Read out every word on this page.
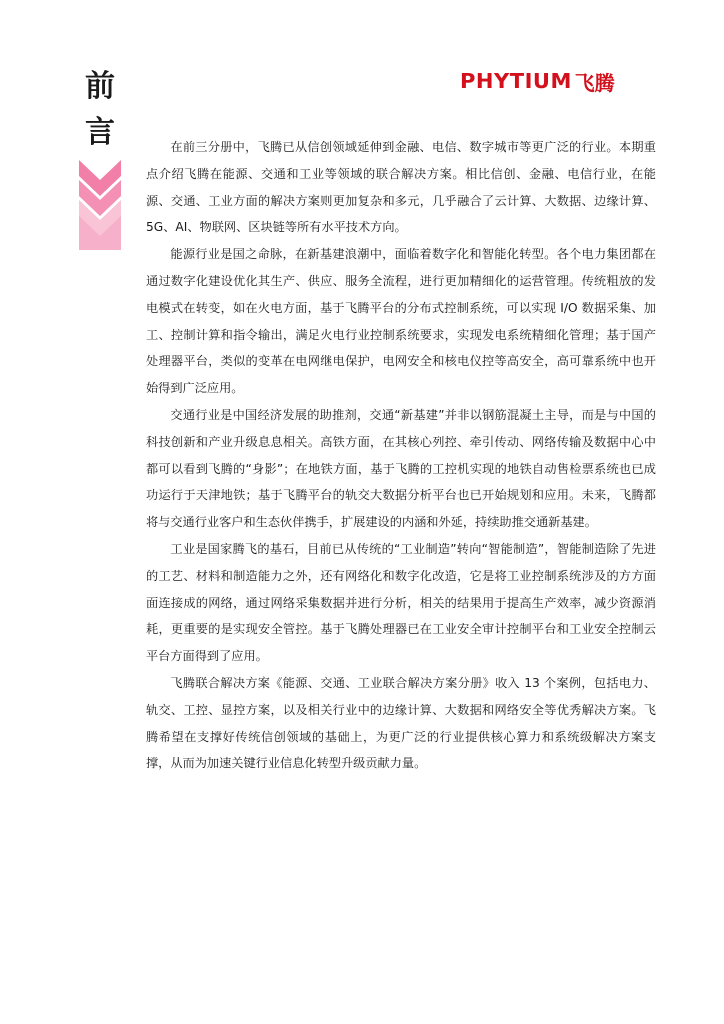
前
言
PHYTIUM 飞腾

在前三分册中，飞腾已从信创领域延伸到金融、电信、数字城市等更广泛的行业。本期重点介绍飞腾在能源、交通和工业等领域的联合解决方案。相比信创、金融、电信行业，在能源、交通、工业方面的解决方案则更加复杂和多元，几乎融合了云计算、大数据、边缘计算、5G、AI、物联网、区块链等所有水平技术方向。

能源行业是国之命脉，在新基建浪潮中，面临着数字化和智能化转型。各个电力集团都在通过数字化建设优化其生产、供应、服务全流程，进行更加精细化的运营管理。传统粗放的发电模式在转变，如在火电方面，基于飞腾平台的分布式控制系统，可以实现 I/O 数据采集、加工、控制计算和指令输出，满足火电行业控制系统要求，实现发电系统精细化管理；基于国产处理器平台，类似的变革在电网继电保护，电网安全和核电仪控等高安全，高可靠系统中也开始得到广泛应用。

交通行业是中国经济发展的助推剂，交通“新基建”并非以钢筋混凝土主导，而是与中国的科技创新和产业升级息息相关。高铁方面，在其核心列控、牵引传动、网络传输及数据中心中都可以看到飞腾的“身影”；在地铁方面，基于飞腾的工控机实现的地铁自动售检票系统也已成功运行于天津地铁；基于飞腾平台的轨交大数据分析平台也已开始规划和应用。未来，飞腾都将与交通行业客户和生态伙伴携手，扩展建设的内涵和外延，持续助推交通新基建。

工业是国家腾飞的基石，目前已从传统的“工业制造”转向“智能制造”，智能制造除了先进的工艺、材料和制造能力之外，还有网络化和数字化改造，它是将工业控制系统涉及的方方面面连接成的网络，通过网络采集数据并进行分析，相关的结果用于提高生产效率，减少资源消耗，更重要的是实现安全管控。基于飞腾处理器已在工业安全审计控制平台和工业安全控制云平台方面得到了应用。

飞腾联合解决方案《能源、交通、工业联合解决方案分册》收入 13 个案例，包括电力、轨交、工控、显控方案，以及相关行业中的边缘计算、大数据和网络安全等优秀解决方案。飞腾希望在支撑好传统信创领域的基础上，为更广泛的行业提供核心算力和系统级解决方案支撑，从而为加速关键行业信息化转型升级贡献力量。
